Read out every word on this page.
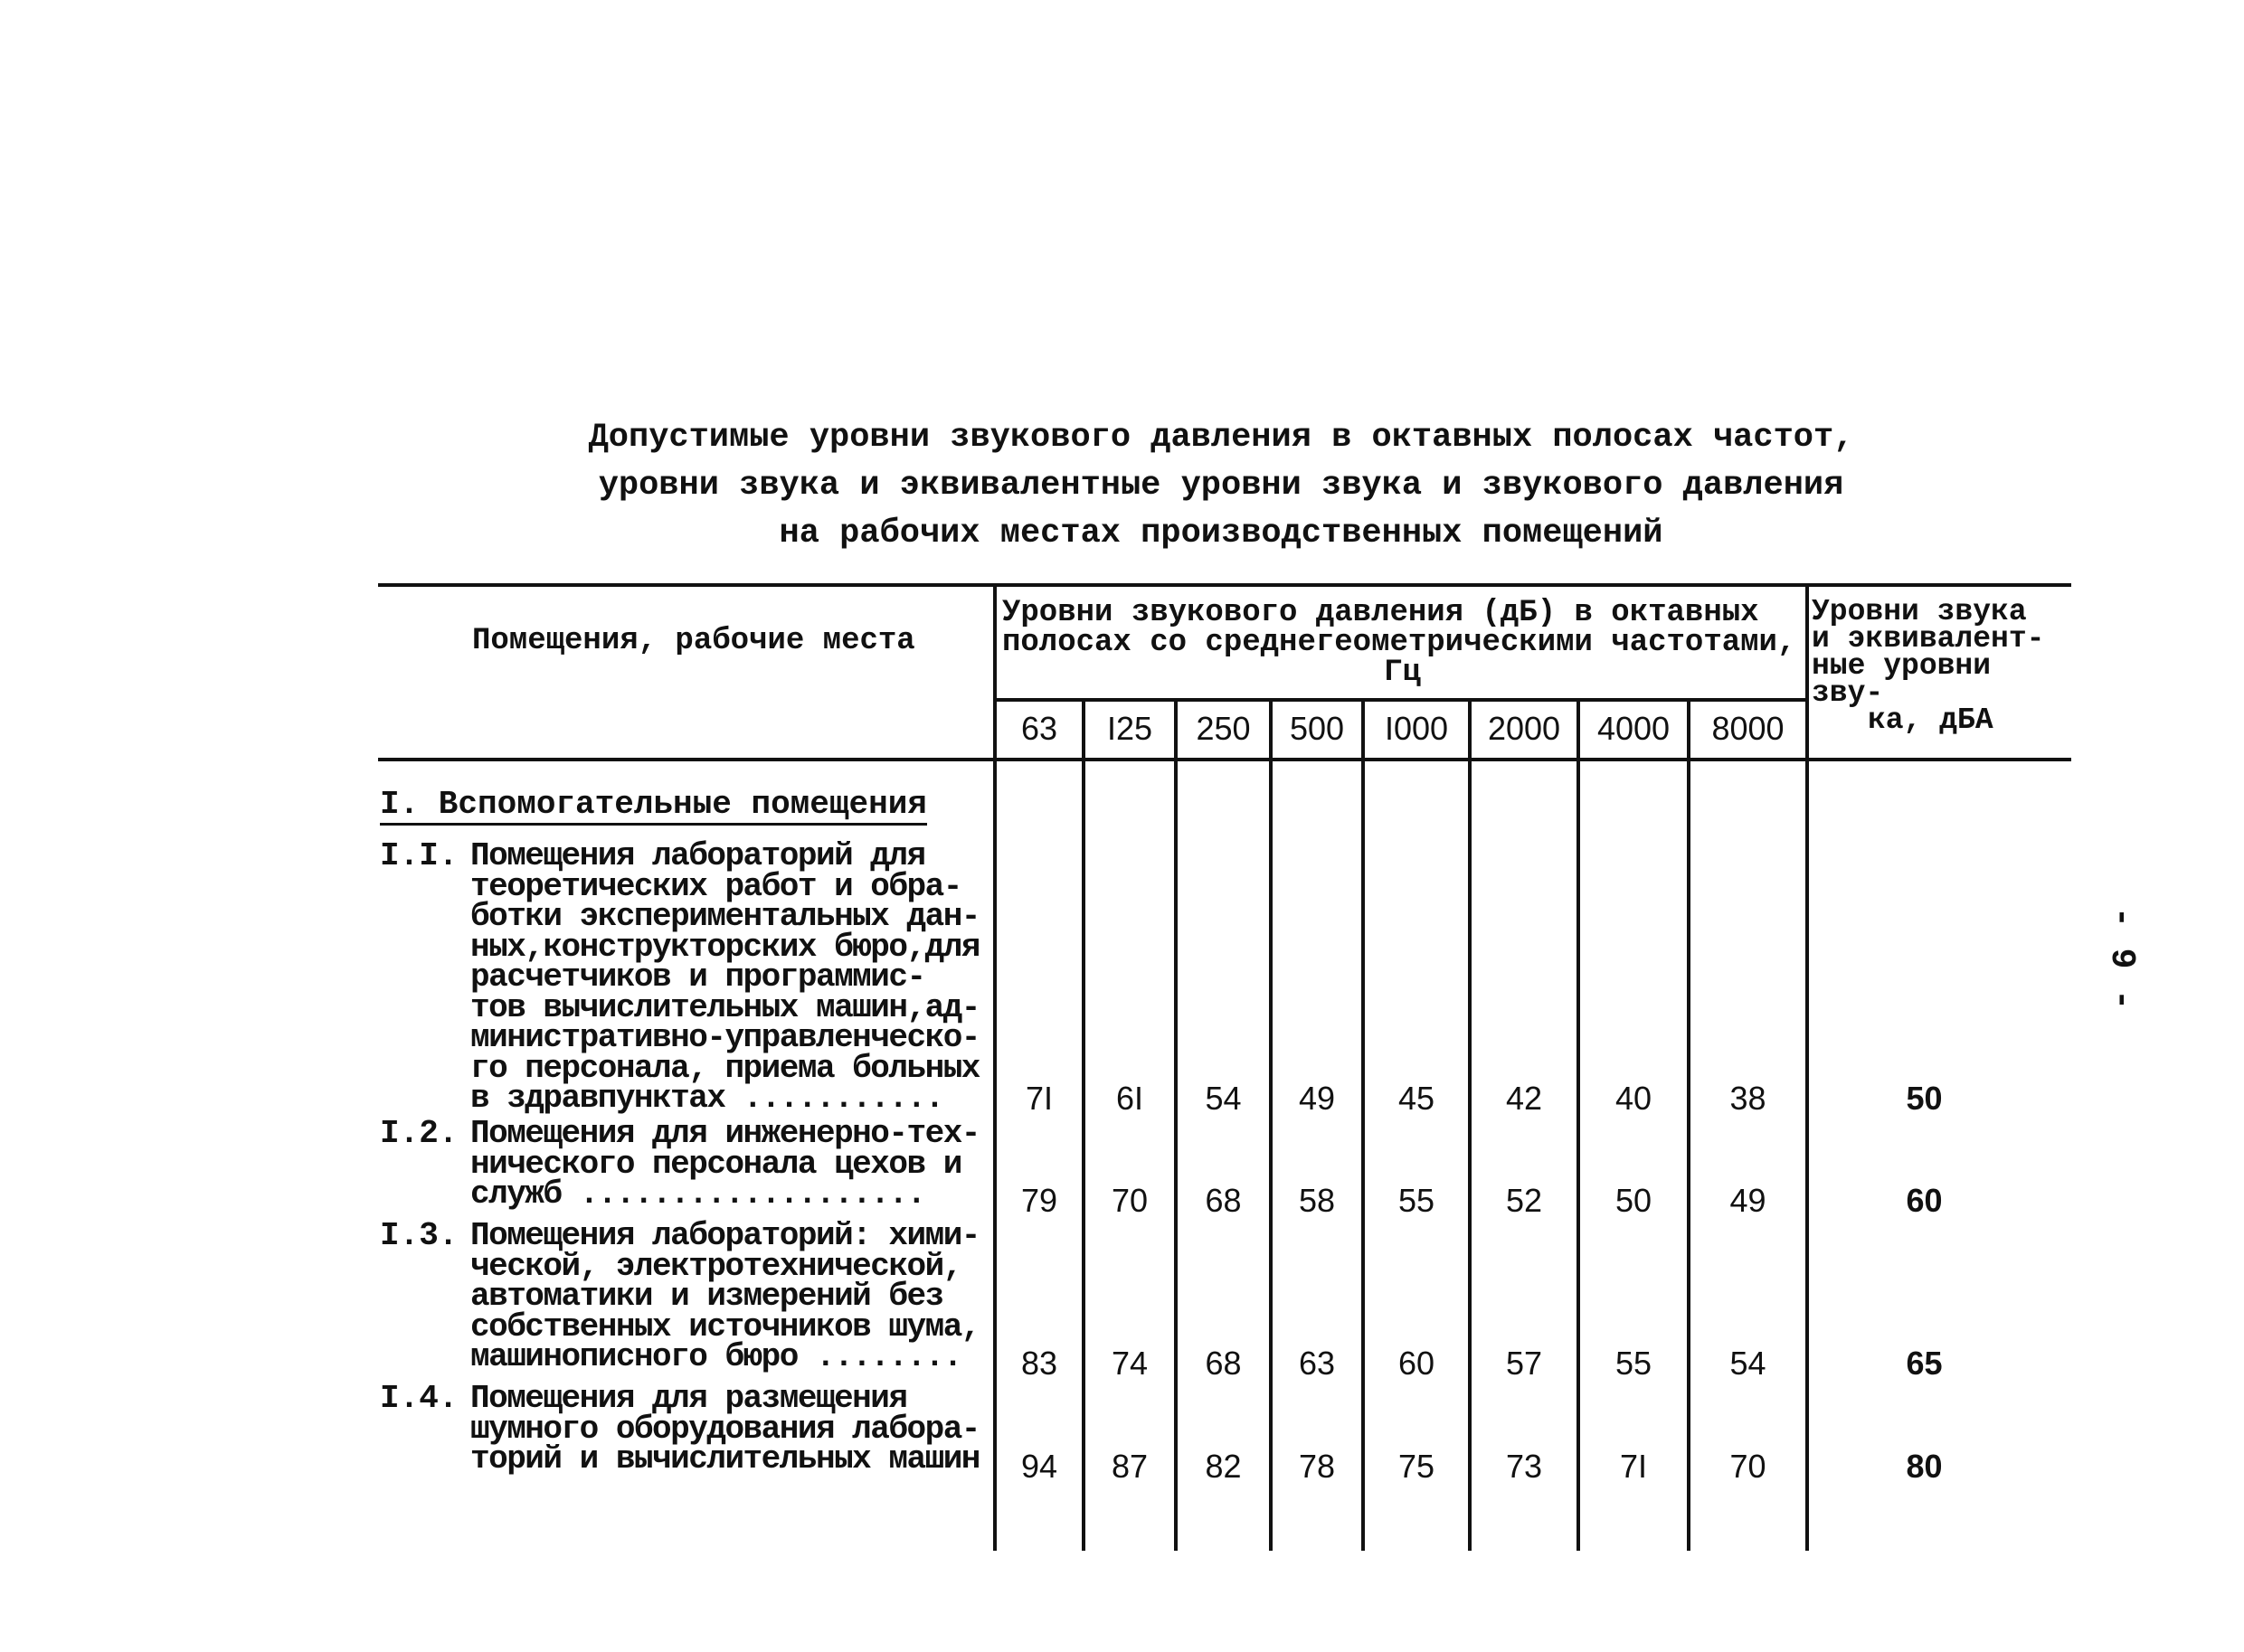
Допустимые уровни звукового давления в октавных полосах частот,
уровни звука и эквивалентные уровни звука и звукового давления
на рабочих местах производственных помещений
- 9 -
Помещения, рабочие места
Уровни звукового давления (дБ) в октавных
полосах со среднегеометрическими частотами,
Гц
Уровни звука
и эквивалент-
ные уровни зву-
ка, дБА
63	I25	250	500	I000	2000	4000	8000
I. Вспомогательные помещения
I.I. Помещения лабораторий для
теоретических работ и обра-
ботки экспериментальных дан-
ных,конструкторских бюро,для
расчетчиков и программис-
тов вычислительных машин,ад-
министративно-управленческо-
го персонала, приема больных
в здравпунктах ...........	7I	6I	54	49	45	42	40	38	50
I.2. Помещения для инженерно-тех-
нического персонала цехов и
служб ...................	79	70	68	58	55	52	50	49	60
I.3. Помещения лабораторий: хими-
ческой, электротехнической,
автоматики и измерений без
собственных источников шума,
машинописного бюро ........	83	74	68	63	60	57	55	54	65
I.4. Помещения для размещения
шумного оборудования лабора-
торий и вычислительных машин	94	87	82	78	75	73	7I	70	80
